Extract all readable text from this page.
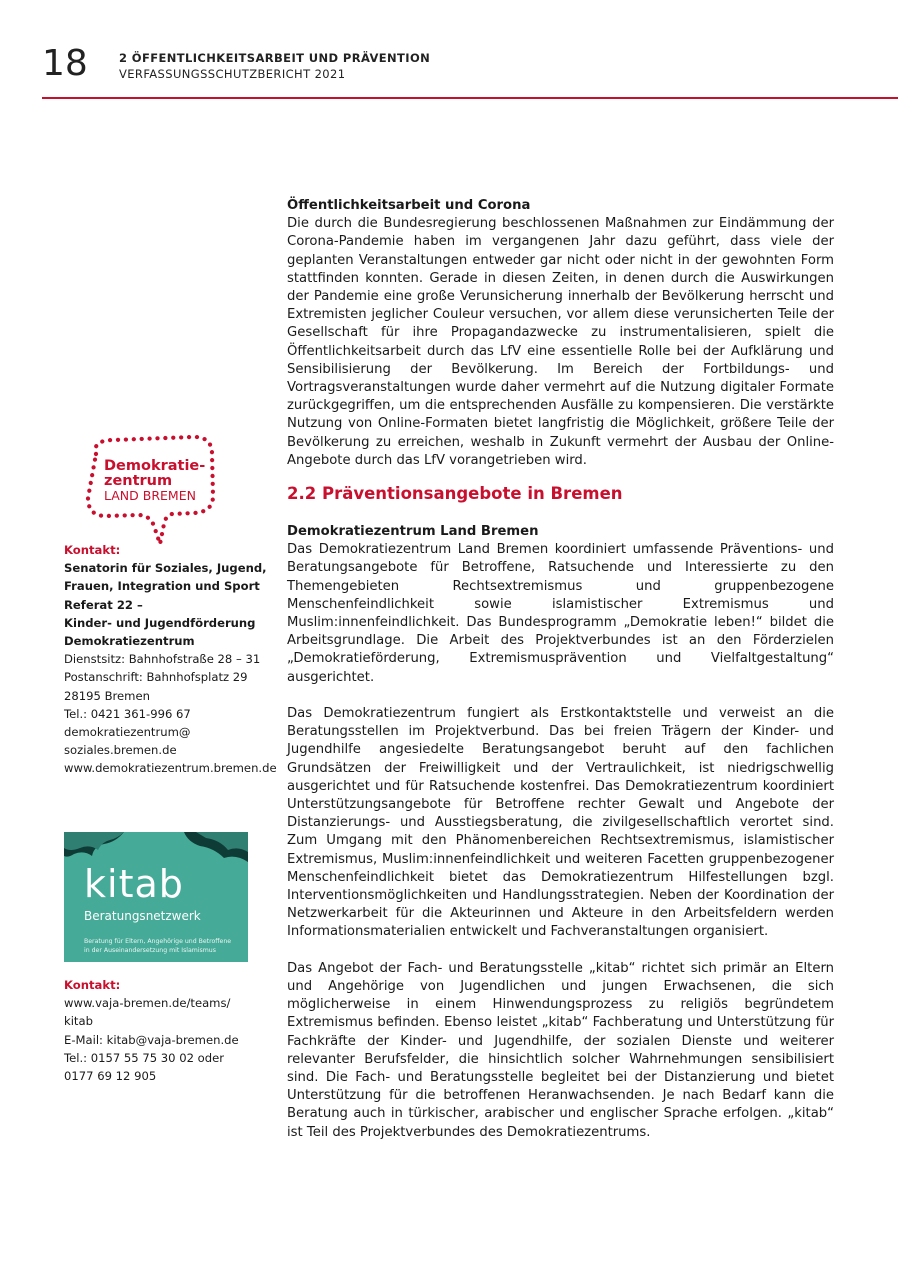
18	2 ÖFFENTLICHKEITSARBEIT UND PRÄVENTION
VERFASSUNGSSCHUTZBERICHT 2021
Öffentlichkeitsarbeit und Corona

Die durch die Bundesregierung beschlossenen Maßnahmen zur Eindämmung der Corona-Pandemie haben im vergangenen Jahr dazu geführt, dass viele der geplanten Veranstaltungen entweder gar nicht oder nicht in der gewohnten Form stattfinden konnten. Gerade in diesen Zeiten, in denen durch die Auswirkungen der Pandemie eine große Verunsicherung innerhalb der Bevölkerung herrscht und Extremisten jeglicher Couleur versuchen, vor allem diese verunsicherten Teile der Gesellschaft für ihre Propagandazwecke zu instrumentalisieren, spielt die Öffentlichkeitsarbeit durch das LfV eine essentielle Rolle bei der Aufklärung und Sensibilisierung der Bevölkerung. Im Bereich der Fortbildungs- und Vortragsveranstaltungen wurde daher vermehrt auf die Nutzung digitaler Formate zurückgegriffen, um die entsprechenden Ausfälle zu kompensieren. Die verstärkte Nutzung von Online-Formaten bietet langfristig die Möglichkeit, größere Teile der Bevölkerung zu erreichen, weshalb in Zukunft vermehrt der Ausbau der Online-Angebote durch das LfV vorangetrieben wird.

2.2 Präventionsangebote in Bremen
Demokratiezentrum Land Bremen

Das Demokratiezentrum Land Bremen koordiniert umfassende Präventions- und Beratungsangebote für Betroffene, Ratsuchende und Interessierte zu den Themengebieten Rechtsextremismus und gruppenbezogene Menschenfeindlichkeit sowie islamistischer Extremismus und Muslim:innenfeindlichkeit. Das Bundesprogramm „Demokratie leben!“ bildet die Arbeitsgrundlage. Die Arbeit des Projektverbundes ist an den Förderzielen „Demokratieförderung, Extremismusprävention und Vielfaltgestaltung“ ausgerichtet.

Das Demokratiezentrum fungiert als Erstkontaktstelle und verweist an die Beratungsstellen im Projektverbund. Das bei freien Trägern der Kinder- und Jugendhilfe angesiedelte Beratungsangebot beruht auf den fachlichen Grundsätzen der Freiwilligkeit und der Vertraulichkeit, ist niedrigschwellig ausgerichtet und für Ratsuchende kostenfrei. Das Demokratiezentrum koordiniert Unterstützungsangebote für Betroffene rechter Gewalt und Angebote der Distanzierungs- und Ausstiegsberatung, die zivilgesellschaftlich verortet sind. Zum Umgang mit den Phänomenbereichen Rechtsextremismus, islamistischer Extremismus, Muslim:innenfeindlichkeit und weiteren Facetten gruppenbezogener Menschenfeindlichkeit bietet das Demokratiezentrum Hilfestellungen bzgl. Interventionsmöglichkeiten und Handlungsstrategien. Neben der Koordination der Netzwerkarbeit für die Akteurinnen und Akteure in den Arbeitsfeldern werden Informationsmaterialien entwickelt und Fachveranstaltungen organisiert.

Das Angebot der Fach- und Beratungsstelle „kitab“ richtet sich primär an Eltern und Angehörige von Jugendlichen und jungen Erwachsenen, die sich möglicherweise in einem Hinwendungsprozess zu religiös begründetem Extremismus befinden. Ebenso leistet „kitab“ Fachberatung und Unterstützung für Fachkräfte der Kinder- und Jugendhilfe, der sozialen Dienste und weiterer relevanter Berufsfelder, die hinsichtlich solcher Wahrnehmungen sensibilisiert sind. Die Fach- und Beratungsstelle begleitet bei der Distanzierung und bietet Unterstützung für die betroffenen Heranwachsenden. Je nach Bedarf kann die Beratung auch in türkischer, arabischer und englischer Sprache erfolgen. „kitab“ ist Teil des Projektverbundes des Demokratiezentrums.

Demokratie-
zentrum
LAND BREMEN
Kontakt:
Senatorin für Soziales, Jugend,
Frauen, Integration und Sport
Referat 22 –
Kinder- und Jugendförderung
Demokratiezentrum
Dienstsitz: Bahnhofstraße 28 – 31
Postanschrift: Bahnhofsplatz 29
28195 Bremen
Tel.: 0421 361-996 67
demokratiezentrum@
soziales.bremen.de
www.demokratiezentrum.bremen.de
kitab
Beratungsnetzwerk
Beratung für Eltern, Angehörige und Betroffene
in der Auseinandersetzung mit Islamismus
Kontakt:
www.vaja-bremen.de/teams/
kitab
E-Mail: kitab@vaja-bremen.de
Tel.: 0157 55 75 30 02 oder
0177 69 12 905
